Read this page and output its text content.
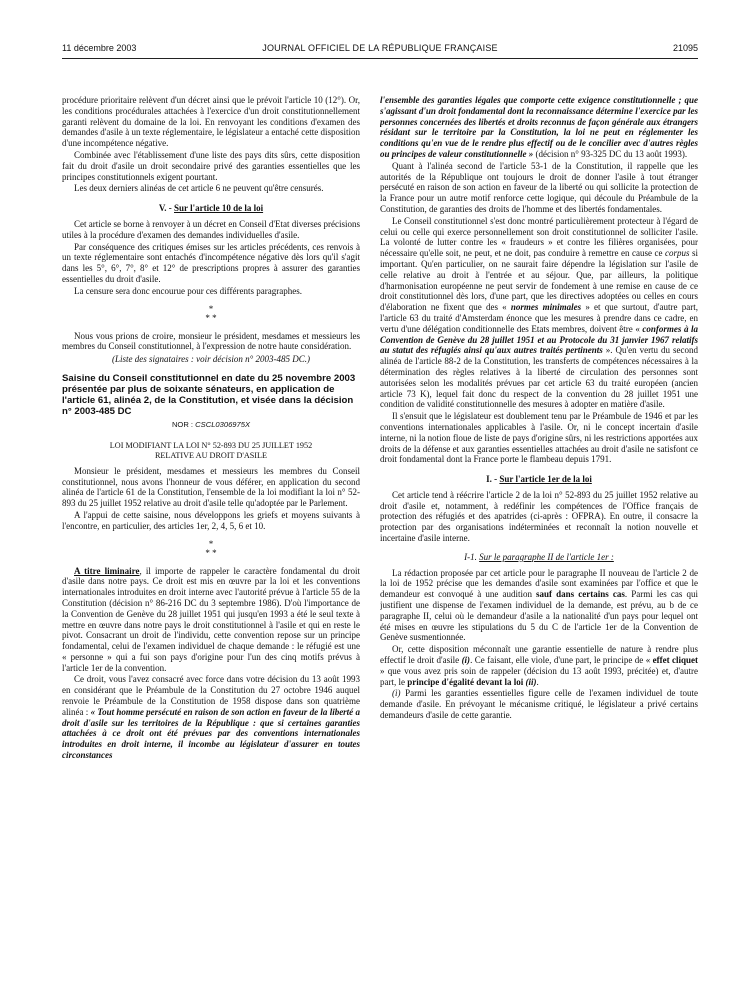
11 décembre 2003	JOURNAL OFFICIEL DE LA RÉPUBLIQUE FRANÇAISE	21095

procédure prioritaire relèvent d'un décret ainsi que le prévoit l'article 10 (12°). Or, les conditions procédurales attachées à l'exercice d'un droit constitutionnellement garanti relèvent du domaine de la loi. En renvoyant les conditions d'examen des demandes d'asile à un texte réglementaire, le législateur a entaché cette disposition d'une incompétence négative.

Combinée avec l'établissement d'une liste des pays dits sûrs, cette disposition fait du droit d'asile un droit secondaire privé des garanties essentielles que les principes constitutionnels exigent pourtant.

Les deux derniers alinéas de cet article 6 ne peuvent qu'être censurés.

V. - Sur l'article 10 de la loi

Cet article se borne à renvoyer à un décret en Conseil d'Etat diverses précisions utiles à la procédure d'examen des demandes individuelles d'asile.

Par conséquence des critiques émises sur les articles précédents, ces renvois à un texte réglementaire sont entachés d'incompétence négative dès lors qu'il s'agit dans les 5°, 6°, 7°, 8° et 12° de prescriptions propres à assurer des garanties essentielles du droit d'asile.

La censure sera donc encourue pour ces différents paragraphes.

*
* *

Nous vous prions de croire, monsieur le président, mesdames et messieurs les membres du Conseil constitutionnel, à l'expression de notre haute considération.

(Liste des signataires : voir décision n° 2003-485 DC.)
Saisine du Conseil constitutionnel en date du 25 novembre 2003 présentée par plus de soixante sénateurs, en application de l'article 61, alinéa 2, de la Constitution, et visée dans la décision n° 2003-485 DC
NOR : CSCL0306975X
LOI MODIFIANT LA LOI N° 52-893 DU 25 JUILLET 1952
RELATIVE AU DROIT D'ASILE

Monsieur le président, mesdames et messieurs les membres du Conseil constitutionnel, nous avons l'honneur de vous déférer, en application du second alinéa de l'article 61 de la Constitution, l'ensemble de la loi modifiant la loi n° 52-893 du 25 juillet 1952 relative au droit d'asile telle qu'adoptée par le Parlement.

A l'appui de cette saisine, nous développons les griefs et moyens suivants à l'encontre, en particulier, des articles 1er, 2, 4, 5, 6 et 10.

*
* *

A titre liminaire, il importe de rappeler le caractère fondamental du droit d'asile dans notre pays. Ce droit est mis en œuvre par la loi et les conventions internationales introduites en droit interne avec l'autorité prévue à l'article 55 de la Constitution (décision n° 86-216 DC du 3 septembre 1986). D'où l'importance de la Convention de Genève du 28 juillet 1951 qui jusqu'en 1993 a été le seul texte à mettre en œuvre dans notre pays le droit constitutionnel à l'asile et qui en reste le pivot. Consacrant un droit de l'individu, cette convention repose sur un principe fondamental, celui de l'examen individuel de chaque demande : le réfugié est une « personne » qui a fui son pays d'origine pour l'un des cinq motifs prévus à l'article 1er de la convention.

Ce droit, vous l'avez consacré avec force dans votre décision du 13 août 1993 en considérant que le Préambule de la Constitution du 27 octobre 1946 auquel renvoie le Préambule de la Constitution de 1958 dispose dans son quatrième alinéa : « Tout homme persécuté en raison de son action en faveur de la liberté a droit d'asile sur les territoires de la République : que si certaines garanties attachées à ce droit ont été prévues par des conventions internationales introduites en droit interne, il incombe au législateur d'assurer en toutes circonstances

l'ensemble des garanties légales que comporte cette exigence constitutionnelle ; que s'agissant d'un droit fondamental dont la reconnaissance détermine l'exercice par les personnes concernées des libertés et droits reconnus de façon générale aux étrangers résidant sur le territoire par la Constitution, la loi ne peut en réglementer les conditions qu'en vue de le rendre plus effectif ou de le concilier avec d'autres règles ou principes de valeur constitutionnelle » (décision n° 93-325 DC du 13 août 1993).

Quant à l'alinéa second de l'article 53-1 de la Constitution, il rappelle que les autorités de la République ont toujours le droit de donner l'asile à tout étranger persécuté en raison de son action en faveur de la liberté ou qui sollicite la protection de la France pour un autre motif renforce cette logique, qui découle du Préambule de la Constitution, de garanties des droits de l'homme et des libertés fondamentales.

Le Conseil constitutionnel s'est donc montré particulièrement protecteur à l'égard de celui ou celle qui exerce personnellement son droit constitutionnel de solliciter l'asile. La volonté de lutter contre les « fraudeurs » et contre les filières organisées, pour nécessaire qu'elle soit, ne peut, et ne doit, pas conduire à remettre en cause ce corpus si important. Qu'en particulier, on ne saurait faire dépendre la législation sur l'asile de celle relative au droit à l'entrée et au séjour. Que, par ailleurs, la politique d'harmonisation européenne ne peut servir de fondement à une remise en cause de ce droit constitutionnel dès lors, d'une part, que les directives adoptées ou celles en cours d'élaboration ne fixent que des « normes minimales » et que surtout, d'autre part, l'article 63 du traité d'Amsterdam énonce que les mesures à prendre dans ce cadre, en vertu d'une délégation conditionnelle des Etats membres, doivent être « conformes à la Convention de Genève du 28 juillet 1951 et au Protocole du 31 janvier 1967 relatifs au statut des réfugiés ainsi qu'aux autres traités pertinents ». Qu'en vertu du second alinéa de l'article 88-2 de la Constitution, les transferts de compétences nécessaires à la détermination des règles relatives à la liberté de circulation des personnes sont autorisées selon les modalités prévues par cet article 63 du traité européen (ancien article 73 K), lequel fait donc du respect de la convention du 28 juillet 1951 une condition de validité constitutionnelle des mesures à adopter en matière d'asile.

Il s'ensuit que le législateur est doublement tenu par le Préambule de 1946 et par les conventions internationales applicables à l'asile. Or, ni le concept incertain d'asile interne, ni la notion floue de liste de pays d'origine sûrs, ni les restrictions apportées aux droits de la défense et aux garanties essentielles attachées au droit d'asile ne satisfont ce droit fondamental dont la France porte le flambeau depuis 1791.

I. - Sur l'article 1er de la loi

Cet article tend à réécrire l'article 2 de la loi n° 52-893 du 25 juillet 1952 relative au droit d'asile et, notamment, à redéfinir les compétences de l'Office français de protection des réfugiés et des apatrides (ci-après : OFPRA). En outre, il consacre la protection par des organisations indéterminées et reconnaît la notion nouvelle et incertaine d'asile interne.

I-1. Sur le paragraphe II de l'article 1er :

La rédaction proposée par cet article pour le paragraphe II nouveau de l'article 2 de la loi de 1952 précise que les demandes d'asile sont examinées par l'office et que le demandeur est convoqué à une audition sauf dans certains cas. Parmi les cas qui justifient une dispense de l'examen individuel de la demande, est prévu, au b de ce paragraphe II, celui où le demandeur d'asile a la nationalité d'un pays pour lequel ont été mises en œuvre les stipulations du 5 du C de l'article 1er de la Convention de Genève susmentionnée.

Or, cette disposition méconnaît une garantie essentielle de nature à rendre plus effectif le droit d'asile (i). Ce faisant, elle viole, d'une part, le principe de « effet cliquet » que vous avez pris soin de rappeler (décision du 13 août 1993, précitée) et, d'autre part, le principe d'égalité devant la loi (ii).

(i) Parmi les garanties essentielles figure celle de l'examen individuel de toute demande d'asile. En prévoyant le mécanisme critiqué, le législateur a privé certains demandeurs d'asile de cette garantie.
